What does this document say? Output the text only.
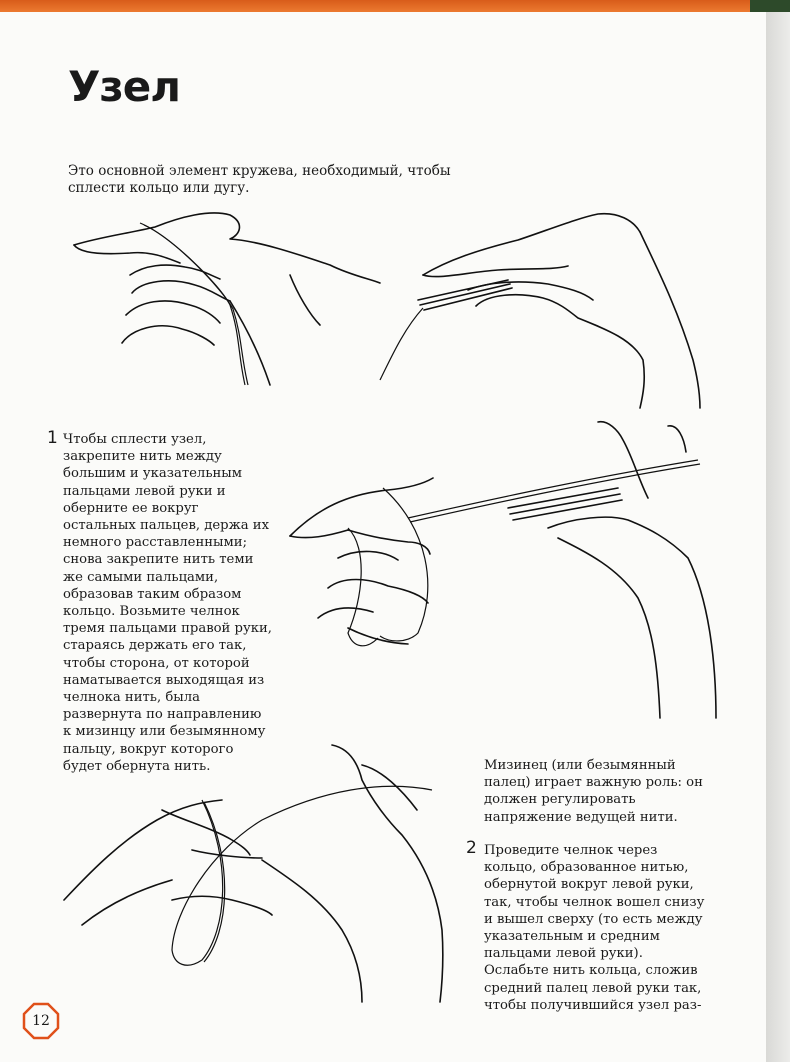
Узел
Это основной элемент кружева, необходимый, чтобы сплести кольцо или дугу.
1 Чтобы сплести узел, закрепите нить между большим и указательным пальцами левой руки и оберните ее вокруг остальных пальцев, держа их немного расставленными; снова закрепите нить теми же самыми пальцами, образовав таким образом кольцо. Возьмите челнок тремя пальцами правой руки, стараясь держать его так, чтобы сторона, от которой наматывается выходящая из челнока нить, была развернута по направлению к мизинцу или безымянному пальцу, вокруг которого будет обернута нить.	Мизинец (или безымянный палец) играет важную роль: он должен регулировать напряжение ведущей нити.
2 Проведите челнок через кольцо, образованное нитью, обернутой вокруг левой руки, так, чтобы челнок вошел снизу и вышел сверху (то есть между указательным и средним пальцами левой руки). Ослабьте нить кольца, сложив средний палец левой руки так, чтобы получившийся узел раз-
12
